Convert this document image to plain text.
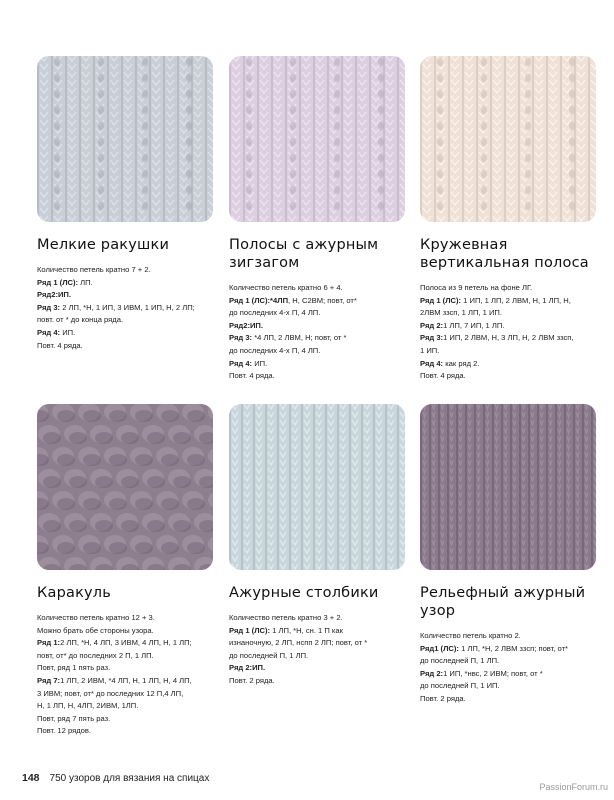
Мелкие ракушки
Количество петель кратно 7 + 2.
Ряд 1 (ЛС): ЛП.
Ряд2:ИП.
Ряд 3: 2 ЛП, *Н, 1 ИП, 3 ИВМ, 1 ИП, Н, 2 ЛП;
повт. от * до конца ряда.
Ряд 4: ИП.
Повт. 4 ряда.
Полосы с ажурным
зигзагом
Количество петель кратно 6 + 4.
Ряд 1 (ЛС):*4ЛП, Н, С2ВМ; повт, от*
до последних 4-х П, 4 ЛП.
Ряд2:ИП.
Ряд 3: *4 ЛП, 2 ЛВМ, Н; повт, от *
до последних 4-х П, 4 ЛП.
Ряд 4: ИП.
Повт. 4 ряда.
Кружевная
вертикальная полоса
Полоса из 9 петель на фоне ЛГ.
Ряд 1 (ЛС): 1 ИП, 1 ЛП, 2 ЛВМ, Н, 1 ЛП, Н,
2ЛВМ ззсп, 1 ЛП, 1 ИП.
Ряд 2:1 ЛП, 7 ИП, 1 ЛП.
Ряд 3:1 ИП, 2 ЛВМ, Н, 3 ЛП, Н, 2 ЛВМ ззсп,
1 ИП.
Ряд 4: как ряд 2.
Повт. 4 ряда.
Каракуль
Количество петель кратно 12 + 3.
Можно брать обе стороны узора.
Ряд 1:2 ЛП, *Н, 4 ЛП, 3 ИВМ, 4 ЛП, Н, 1 ЛП;
повт, от* до последних 2 П, 1 ЛП.
Повт, ряд 1 пять раз.
Ряд 7:1 ЛП, 2 ИВМ, *4 ЛП, Н, 1 ЛП, Н, 4 ЛП,
3 ИВМ; повт, от* до последних 12 П,4 ЛП,
Н, 1 ЛП, Н, 4ЛП, 2ИВМ, 1ЛП.
Повт, ряд 7 пять раз.
Повт. 12 рядов.
Ажурные столбики
Количество петель кратно 3 + 2.
Ряд 1 (ЛС): 1 ЛП, *Н, сн. 1 П как
изнаночную, 2 ЛП, нспп 2 ЛП; повт, от *
до последней П, 1 ЛП.
Ряд 2:ИП.
Повт. 2 ряда.
Рельефный ажурный
узор
Количество петель кратно 2.
Ряд1 (ЛС): 1 ЛП, *Н, 2 ЛВМ ззсп; повт, от*
до последней П, 1 ЛП.
Ряд 2:1 ИП, *нвс, 2 ИВМ; повт, от *
до последней П, 1 ИП.
Повт. 2 ряда.
148 750 узоров для вязания на спицах
PassionForum.ru
